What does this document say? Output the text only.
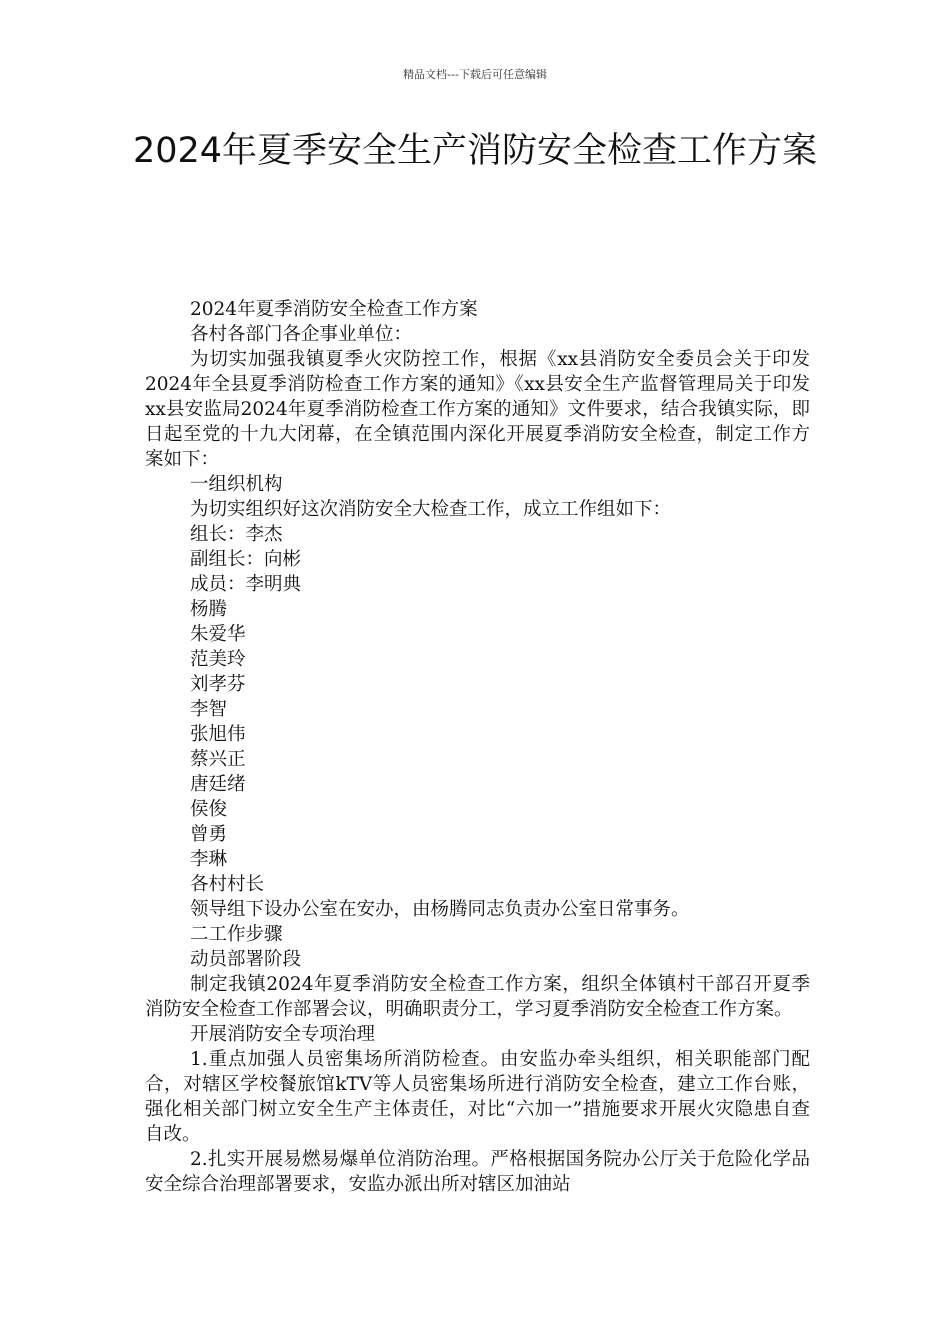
精品文档---下载后可任意编辑
2024年夏季安全生产消防安全检查工作方案

2024年夏季消防安全检查工作方案

各村各部门各企事业单位：

为切实加强我镇夏季火灾防控工作，根据《xx县消防安全委员会关于印发2024年全县夏季消防检查工作方案的通知》《xx县安全生产监督管理局关于印发xx县安监局2024年夏季消防检查工作方案的通知》文件要求，结合我镇实际，即日起至党的十九大闭幕，在全镇范围内深化开展夏季消防安全检查，制定工作方案如下：

一组织机构

为切实组织好这次消防安全大检查工作，成立工作组如下：

组长：李杰

副组长：向彬

成员：李明典

杨腾

朱爱华

范美玲

刘孝芬

李智

张旭伟

蔡兴正

唐廷绪

侯俊

曾勇

李琳

各村村长

领导组下设办公室在安办，由杨腾同志负责办公室日常事务。

二工作步骤

动员部署阶段

制定我镇2024年夏季消防安全检查工作方案，组织全体镇村干部召开夏季消防安全检查工作部署会议，明确职责分工，学习夏季消防安全检查工作方案。

开展消防安全专项治理

1.重点加强人员密集场所消防检查。由安监办牵头组织，相关职能部门配合，对辖区学校餐旅馆kTV等人员密集场所进行消防安全检查，建立工作台账，强化相关部门树立安全生产主体责任，对比“六加一”措施要求开展火灾隐患自查自改。

2.扎实开展易燃易爆单位消防治理。严格根据国务院办公厅关于危险化学品安全综合治理部署要求，安监办派出所对辖区加油站
